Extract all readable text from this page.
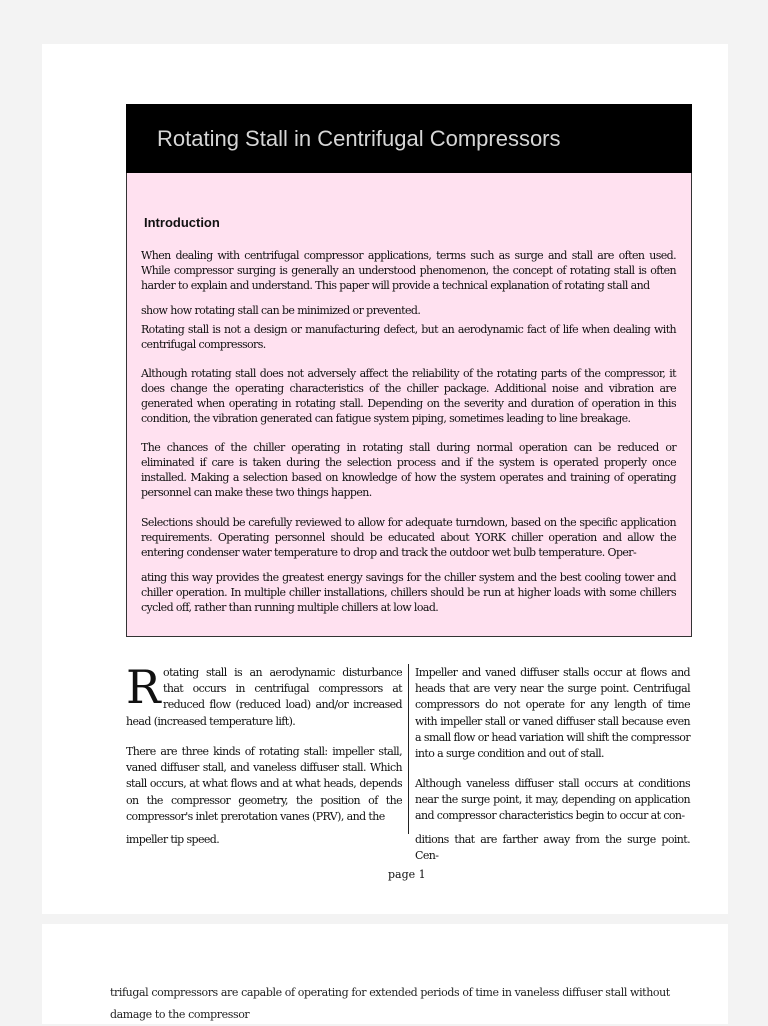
Rotating Stall in Centrifugal Compressors
Introduction

When dealing with centrifugal compressor applications, terms such as surge and stall are often used. While compressor surging is generally an understood phenomenon, the concept of rotating stall is often harder to explain and understand. This paper will provide a technical explanation of rotating stall and

show how rotating stall can be minimized or prevented.

Rotating stall is not a design or manufacturing defect, but an aerodynamic fact of life when dealing with centrifugal compressors.

Although rotating stall does not adversely affect the reliability of the rotating parts of the compressor, it does change the operating characteristics of the chiller package. Additional noise and vibration are generated when operating in rotating stall. Depending on the severity and duration of operation in this condition, the vibration generated can fatigue system piping, sometimes leading to line breakage.

The chances of the chiller operating in rotating stall during normal operation can be reduced or eliminated if care is taken during the selection process and if the system is operated properly once installed. Making a selection based on knowledge of how the system operates and training of operating personnel can make these two things happen.

Selections should be carefully reviewed to allow for adequate turndown, based on the specific application requirements. Operating personnel should be educated about YORK chiller operation and allow the entering condenser water temperature to drop and track the outdoor wet bulb temperature. Oper-

ating this way provides the greatest energy savings for the chiller system and the best cooling tower and chiller operation. In multiple chiller installations, chillers should be run at higher loads with some chillers cycled off, rather than running multiple chillers at low load.

Rotating stall is an aerodynamic disturbance that occurs in centrifugal compressors at reduced flow (reduced load) and/or increased head (increased temperature lift).

There are three kinds of rotating stall: impeller stall, vaned diffuser stall, and vaneless diffuser stall. Which stall occurs, at what flows and at what heads, depends on the compressor geometry, the position of the compressor's inlet prerotation vanes (PRV), and the

impeller tip speed.

Impeller and vaned diffuser stalls occur at flows and heads that are very near the surge point. Centrifugal compressors do not operate for any length of time with impeller stall or vaned diffuser stall because even a small flow or head variation will shift the compressor into a surge condition and out of stall.

Although vaneless diffuser stall occurs at conditions near the surge point, it may, depending on application and compressor characteristics begin to occur at con-

ditions that are farther away from the surge point. Cen-

page 1
trifugal compressors are capable of operating for extended periods of time in vaneless diffuser stall without damage to the compressor
